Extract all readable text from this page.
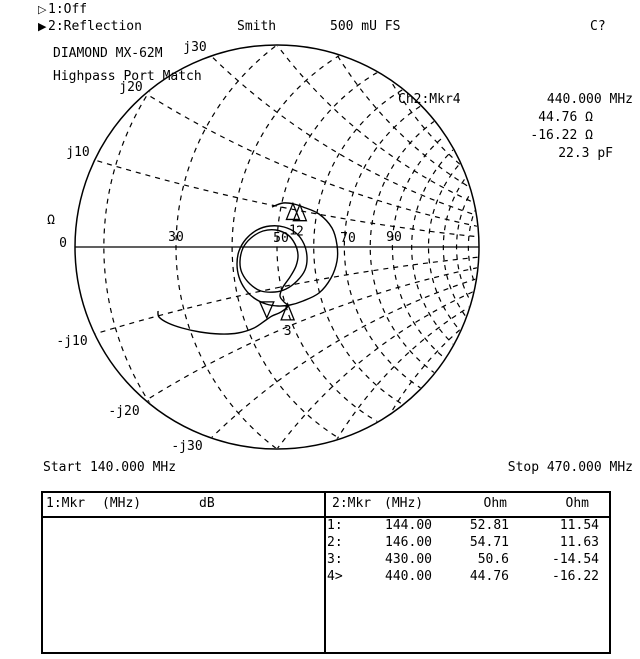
▷ 1:Off
▶ 2:Reflection	Smith	500 mU FS	C?
DIAMOND MX-62M
Highpass Port Match
Ch2:Mkr4	440.000 MHz
44.76 Ω
-16.22 Ω
22.3 pF
1 2
3
j30
j20
j10
-j10
-j20
-j30
Ω
0	30	50	70 90
Start 140.000 MHz	Stop 470.000 MHz
1:Mkr (MHz)	dB	2:Mkr (MHz)	Ohm	Ohm
1:	144.00	52.81	11.54
2:	146.00	54.71	11.63
3:	430.00	50.6	-14.54
4>	440.00	44.76	-16.22
